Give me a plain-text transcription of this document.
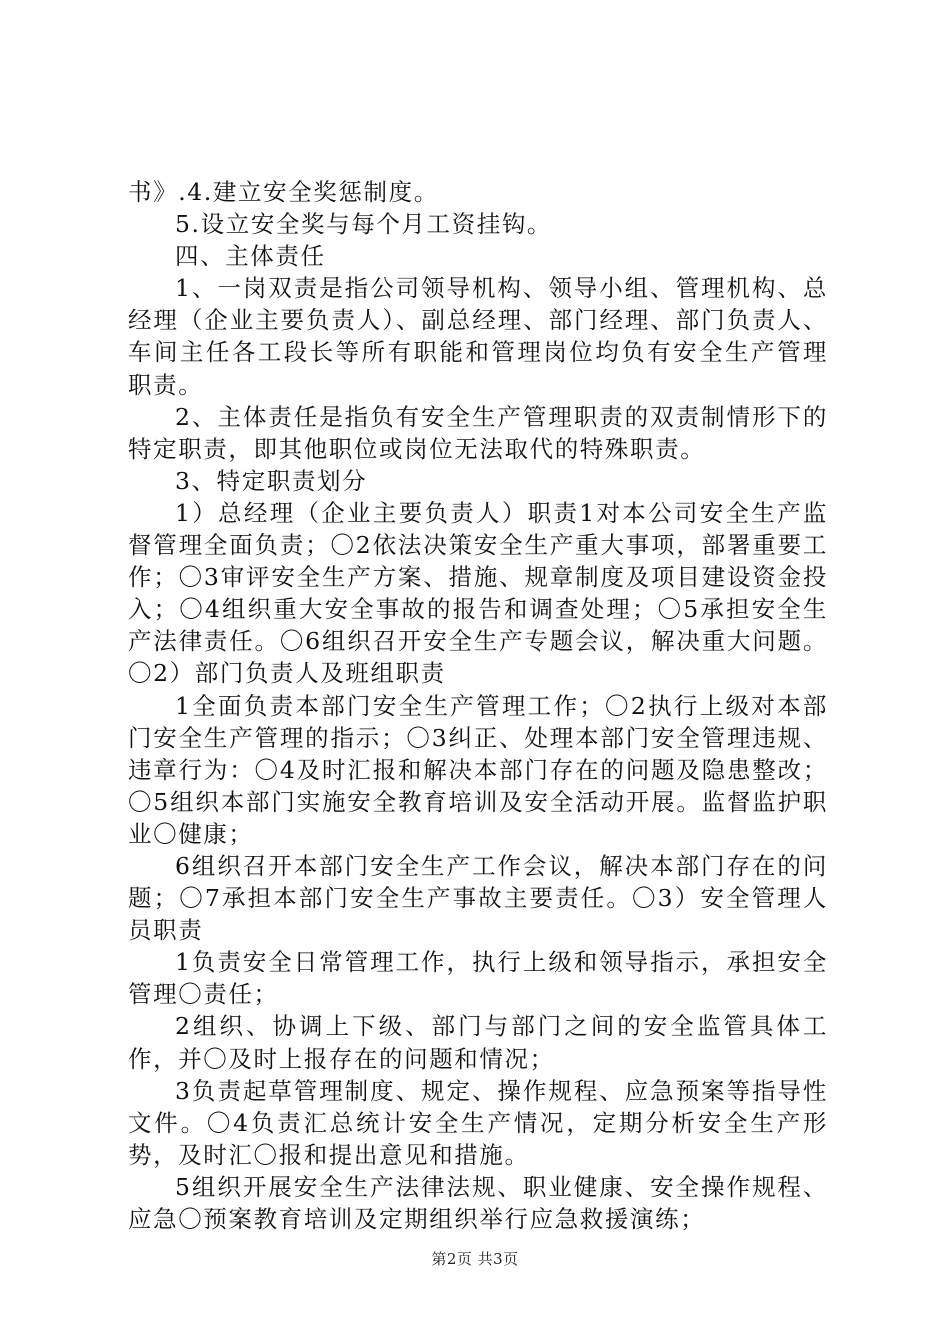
书》.4.建立安全奖惩制度。

5.设立安全奖与每个月工资挂钩。

四、主体责任

1、一岗双责是指公司领导机构、领导小组、管理机构、总经理（企业主要负责人）、副总经理、部门经理、部门负责人、车间主任各工段长等所有职能和管理岗位均负有安全生产管理职责。

2、主体责任是指负有安全生产管理职责的双责制情形下的特定职责，即其他职位或岗位无法取代的特殊职责。

3、特定职责划分

1）总经理（企业主要负责人）职责1对本公司安全生产监督管理全面负责；〇2依法决策安全生产重大事项，部署重要工作；〇3审评安全生产方案、措施、规章制度及项目建设资金投入；〇4组织重大安全事故的报告和调查处理；〇5承担安全生产法律责任。〇6组织召开安全生产专题会议，解决重大问题。〇2）部门负责人及班组职责

1全面负责本部门安全生产管理工作；〇2执行上级对本部门安全生产管理的指示；〇3纠正、处理本部门安全管理违规、违章行为：〇4及时汇报和解决本部门存在的问题及隐患整改；〇5组织本部门实施安全教育培训及安全活动开展。监督监护职业〇健康；

6组织召开本部门安全生产工作会议，解决本部门存在的问题；〇7承担本部门安全生产事故主要责任。〇3）安全管理人员职责

1负责安全日常管理工作，执行上级和领导指示，承担安全管理〇责任；

2组织、协调上下级、部门与部门之间的安全监管具体工作，并〇及时上报存在的问题和情况；

3负责起草管理制度、规定、操作规程、应急预案等指导性文件。〇4负责汇总统计安全生产情况，定期分析安全生产形势，及时汇〇报和提出意见和措施。

5组织开展安全生产法律法规、职业健康、安全操作规程、应急〇预案教育培训及定期组织举行应急救援演练；

第2页 共3页
